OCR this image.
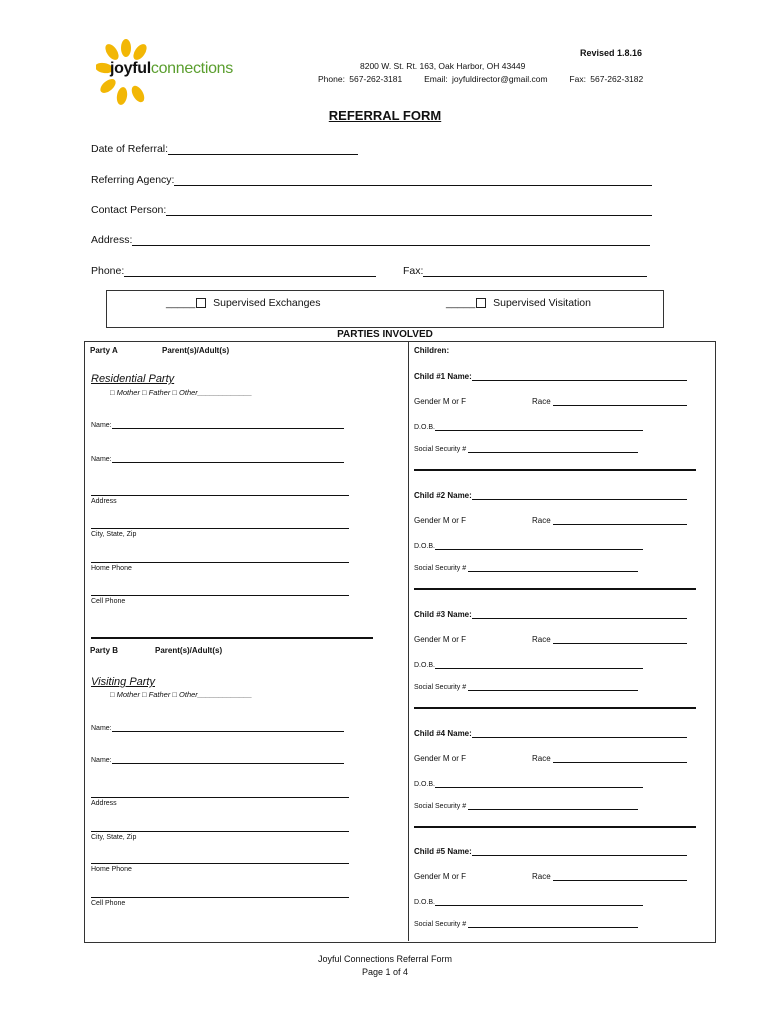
joyfulconnections
Revised 1.8.16
8200 W. St. Rt. 163, Oak Harbor, OH 43449
Phone: 567-262-3181	Email: joyfuldirector@gmail.com	Fax: 567-262-3182
REFERRAL FORM
Date of Referral:
Referring Agency:
Contact Person:
Address:
Phone:	Fax:
_____ Supervised Exchanges	_____ Supervised Visitation
PARTIES INVOLVED
Party A	Parent(s)/Adult(s)
Residential Party
□ Mother □ Father □ Other_____________
Name:
Name:
Address
City, State, Zip
Home Phone
Cell Phone
Party B	Parent(s)/Adult(s)
Visiting Party
□ Mother □ Father □ Other_____________
Name:
Name:
Address
City, State, Zip
Home Phone
Cell Phone
Children:
Child #1 Name:
Gender M or F	Race
D.O.B.
Social Security #
Child #2 Name:
Gender M or F	Race
D.O.B.
Social Security #
Child #3 Name:
Gender M or F	Race
D.O.B.
Social Security #
Child #4 Name:
Gender M or F	Race
D.O.B.
Social Security #
Child #5 Name:
Gender M or F	Race
D.O.B.
Social Security #
Joyful Connections Referral Form
Page 1 of 4
